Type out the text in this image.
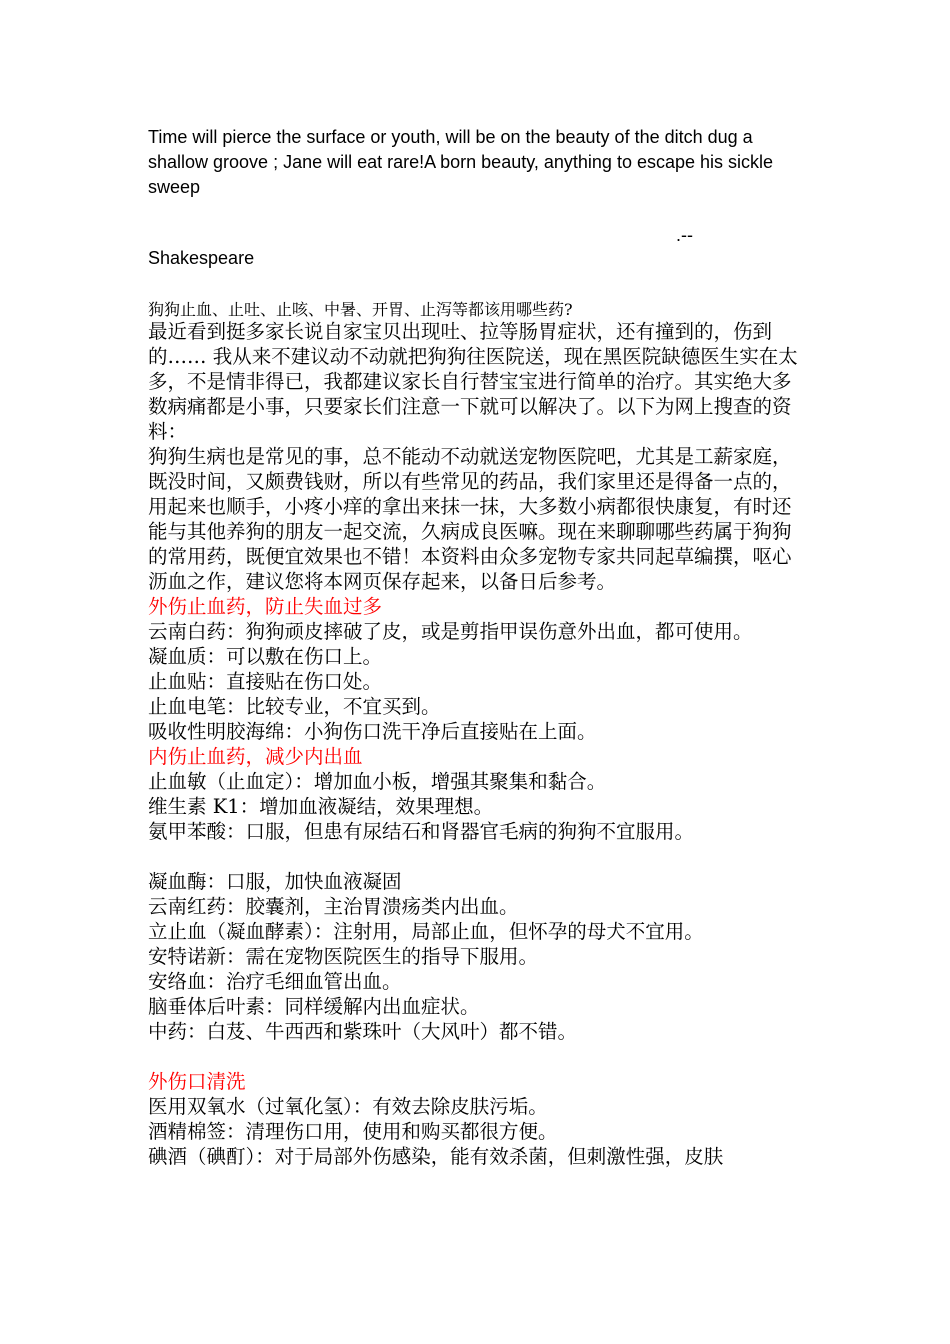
Time will pierce the surface or youth, will be on the beauty of the ditch dug a shallow groove ; Jane will eat rare!A born beauty, anything to escape his sickle sweep
.--
Shakespeare
狗狗止血、止吐、止咳、中暑、开胃、止泻等都该用哪些药?

最近看到挺多家长说自家宝贝出现吐、拉等肠胃症状，还有撞到的，伤到的…… 我从来不建议动不动就把狗狗往医院送，现在黑医院缺德医生实在太多，不是情非得已，我都建议家长自行替宝宝进行简单的治疗。其实绝大多数病痛都是小事，只要家长们注意一下就可以解决了。以下为网上搜查的资料：

狗狗生病也是常见的事，总不能动不动就送宠物医院吧，尤其是工薪家庭，既没时间，又颇费钱财，所以有些常见的药品，我们家里还是得备一点的，用起来也顺手，小疼小痒的拿出来抹一抹，大多数小病都很快康复，有时还能与其他养狗的朋友一起交流，久病成良医嘛。现在来聊聊哪些药属于狗狗的常用药，既便宜效果也不错！本资料由众多宠物专家共同起草编撰，呕心沥血之作，建议您将本网页保存起来，以备日后参考。

外伤止血药，防止失血过多

云南白药：狗狗顽皮摔破了皮，或是剪指甲误伤意外出血，都可使用。

凝血质：可以敷在伤口上。

止血贴：直接贴在伤口处。

止血电笔：比较专业，不宜买到。

吸收性明胶海绵：小狗伤口洗干净后直接贴在上面。

内伤止血药，减少内出血

止血敏（止血定）：增加血小板，增强其聚集和黏合。

维生素 K1：增加血液凝结，效果理想。

氨甲苯酸：口服，但患有尿结石和肾器官毛病的狗狗不宜服用。

凝血酶：口服，加快血液凝固

云南红药：胶囊剂，主治胃溃疡类内出血。

立止血（凝血酵素）：注射用，局部止血，但怀孕的母犬不宜用。

安特诺新：需在宠物医院医生的指导下服用。

安络血：治疗毛细血管出血。

脑垂体后叶素：同样缓解内出血症状。

中药：白芨、牛西西和紫珠叶（大风叶）都不错。

外伤口清洗

医用双氧水（过氧化氢）：有效去除皮肤污垢。

酒精棉签：清理伤口用，使用和购买都很方便。

碘酒（碘酊）：对于局部外伤感染，能有效杀菌，但刺激性强，皮肤
